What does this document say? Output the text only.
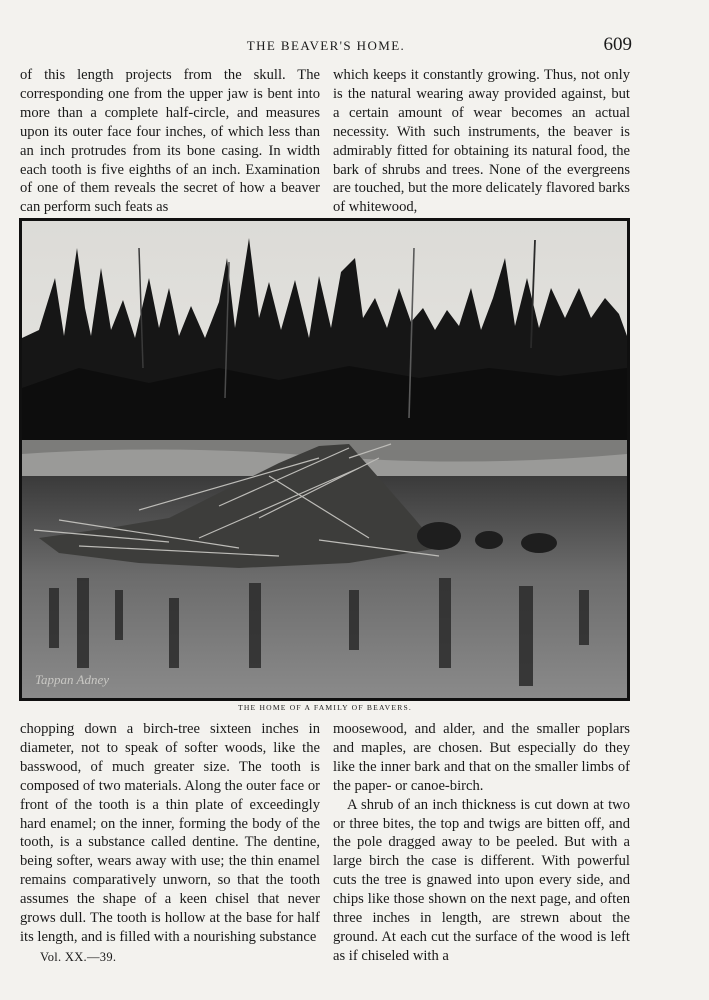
THE BEAVER'S HOME.	609

of this length projects from the skull. The corresponding one from the upper jaw is bent into more than a complete half-circle, and measures upon its outer face four inches, of which less than an inch protrudes from its bone casing. In width each tooth is five eighths of an inch. Examination of one of them reveals the secret of how a beaver can perform such feats as

which keeps it constantly growing. Thus, not only is the natural wearing away provided against, but a certain amount of wear becomes an actual necessity. With such instruments, the beaver is admirably fitted for obtaining its natural food, the bark of shrubs and trees. None of the evergreens are touched, but the more delicately flavored barks of whitewood,

Tappan Adney
THE HOME OF A FAMILY OF BEAVERS.

chopping down a birch-tree sixteen inches in diameter, not to speak of softer woods, like the basswood, of much greater size. The tooth is composed of two materials. Along the outer face or front of the tooth is a thin plate of exceedingly hard enamel; on the inner, forming the body of the tooth, is a substance called dentine. The dentine, being softer, wears away with use; the thin enamel remains comparatively unworn, so that the tooth assumes the shape of a keen chisel that never grows dull. The tooth is hollow at the base for half its length, and is filled with a nourishing substance

moosewood, and alder, and the smaller poplars and maples, are chosen. But especially do they like the inner bark and that on the smaller limbs of the paper- or canoe-birch.

A shrub of an inch thickness is cut down at two or three bites, the top and twigs are bitten off, and the pole dragged away to be peeled. But with a large birch the case is different. With powerful cuts the tree is gnawed into upon every side, and chips like those shown on the next page, and often three inches in length, are strewn about the ground. At each cut the surface of the wood is left as if chiseled with a

Vol. XX.—39.
